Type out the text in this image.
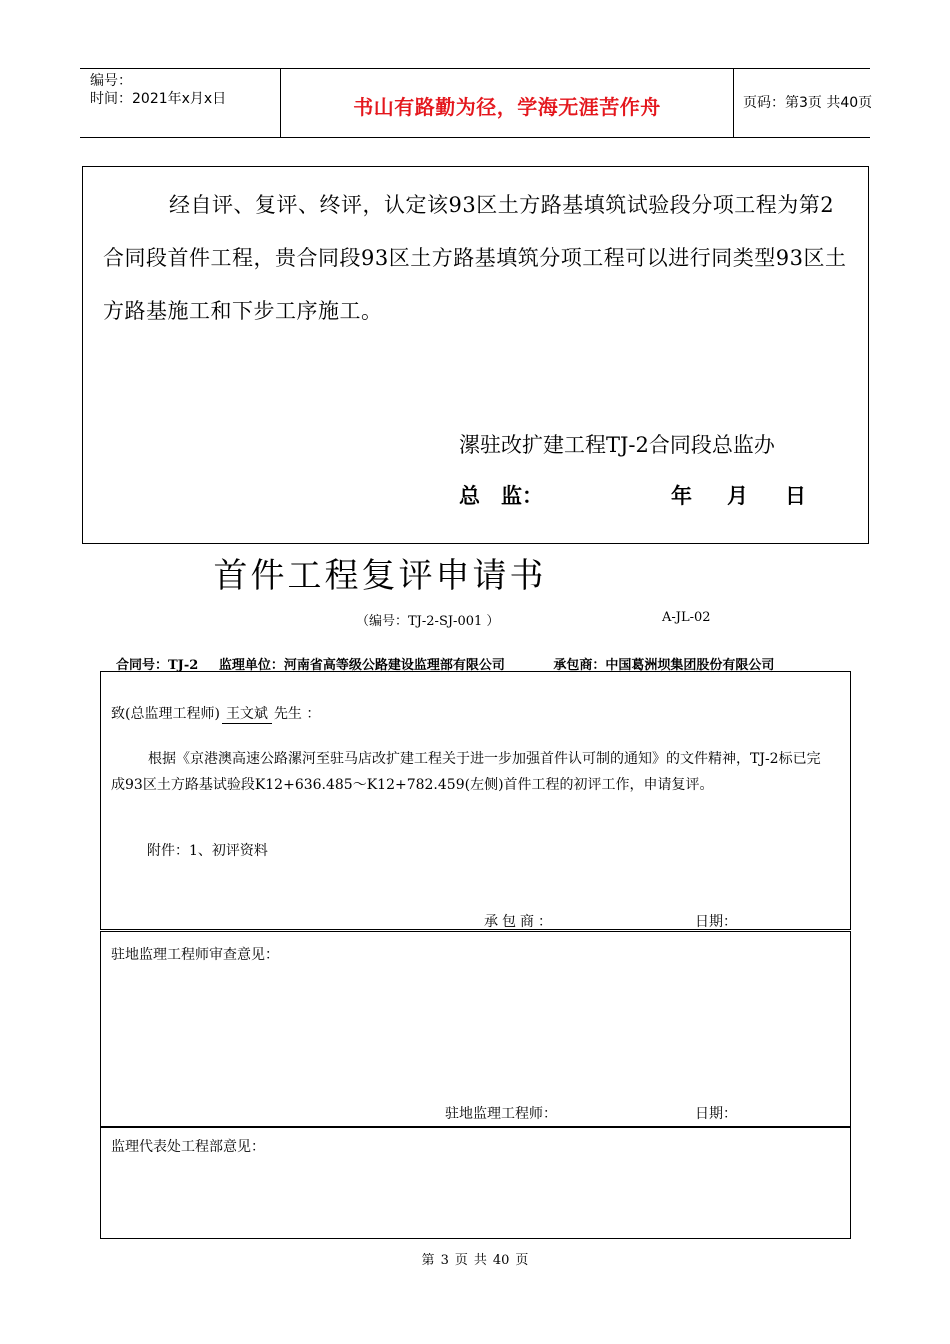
编号：
时间：2021年x月x日	书山有路勤为径，学海无涯苦作舟	页码：第3页 共40页
经自评、复评、终评，认定该93区土方路基填筑试验段分项工程为第2合同段首件工程，贵合同段93区土方路基填筑分项工程可以进行同类型93区土方路基施工和下步工序施工。
漯驻改扩建工程TJ-2合同段总监办
总　监：	年 月 日
首件工程复评申请书
（编号：TJ-2-SJ-001 ）	A-JL-02
合同号：TJ-2 监理单位：河南省高等级公路建设监理部有限公司	承包商：中国葛洲坝集团股份有限公司
致(总监理工程师) 王文斌 先生 ：
根据《京港澳高速公路漯河至驻马店改扩建工程关于进一步加强首件认可制的通知》的文件精神，TJ-2标已完成93区土方路基试验段K12+636.485～K12+782.459(左侧)首件工程的初评工作，申请复评。
附件：1、初评资料
承包商：	日期：
驻地监理工程师审查意见：
驻地监理工程师：	日期：
监理代表处工程部意见：
第 3 页 共 40 页
